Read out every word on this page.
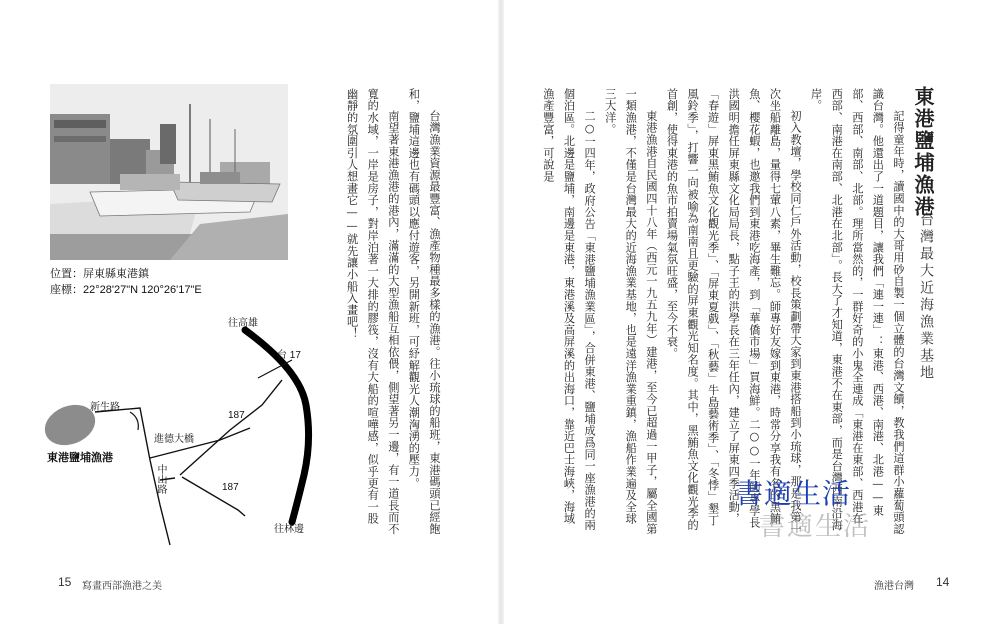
東港鹽埔漁港
台灣最大近海漁業基地

記得童年時，讀國中的大哥用砂自製一個立體的台灣文饋，教我們這群小蘿蔔頭認識台灣。他還出了一道題目，讓我們「連一連」：東港、西港、南港、北港——東部、西部、南部、北部。理所當然的，一群好奇的小鬼全連成「東港在東部、西港在西部、南港在南部、北港在北部」。長大了才知道，東港不在東部，而是台灣西南沿海岸。

初入教壇，學校同仁戶外活動，校長策劃帶大家到東港搭船到小琉球，那是我第一次坐船離島，量得七葷八素，畢生難忘。師專好友嫁到東港，時常分享我有名的黑鮪魚、櫻花蝦，也邀我們到東港吃海產，到「華僑市場」買海鮮。二○○一年師專學長洪國明擔任屏東縣文化局局長，點子王的洪學長在三年任內，建立了屏東四季活動，「春遊」屏東黑鮪魚文化觀光季」、「屏東夏戲」、「秋藝」牛島藝術季」、「冬悸」墾丁風鈴季」，打響一向被喻為南南且更驗的屏東觀光知名度。其中，黑鮪魚文化觀光季的首創，使得東港的魚市拍賣場氣氛旺盛，至今不衰。

東港漁港自民國四十八年（西元一九五九年）建港，至今已超過一甲子，屬全國第一類漁港，不僅是台灣最大的近海漁業基地，也是遠洋漁業重鎮，漁船作業遍及全球三大洋。

二○一四年，政府公告「東港鹽埔漁業區」，合併東港、鹽埔成爲同一座漁港的兩個泊區。北邊是鹽埔，南邊是東港，東港溪及高屏溪的出海口，靠近巴士海峽，海域漁產豐富，可說是

台灣漁業資源最豐富、漁產物種最多樣的漁港。往小琉球的船班，東港碼頭已經飽和，鹽埔這邊也有碼頭以應付遊客，另開新班，可紓解觀光人潮洶湧的壓力。

南望著東港漁港的港內，滿滿的大型漁船互相依偎，側望著另一邊，有一道長而不寬的水域，一岸是房子，對岸泊著一大排的膠筏，沒有大船的喧嘩感，似乎更有一股幽靜的氛圍引人想畫它——就先讓小船入畫吧！

位置：屏東縣東港鎮
座標：22°28'27"N 120°26'17"E
往高雄
台 17
新生路
187
進德大橋
東港鹽埔漁港
中山路	187
往林邊
書適生活
書適生活
15 寫畫西部漁港之美	漁港台灣 14
